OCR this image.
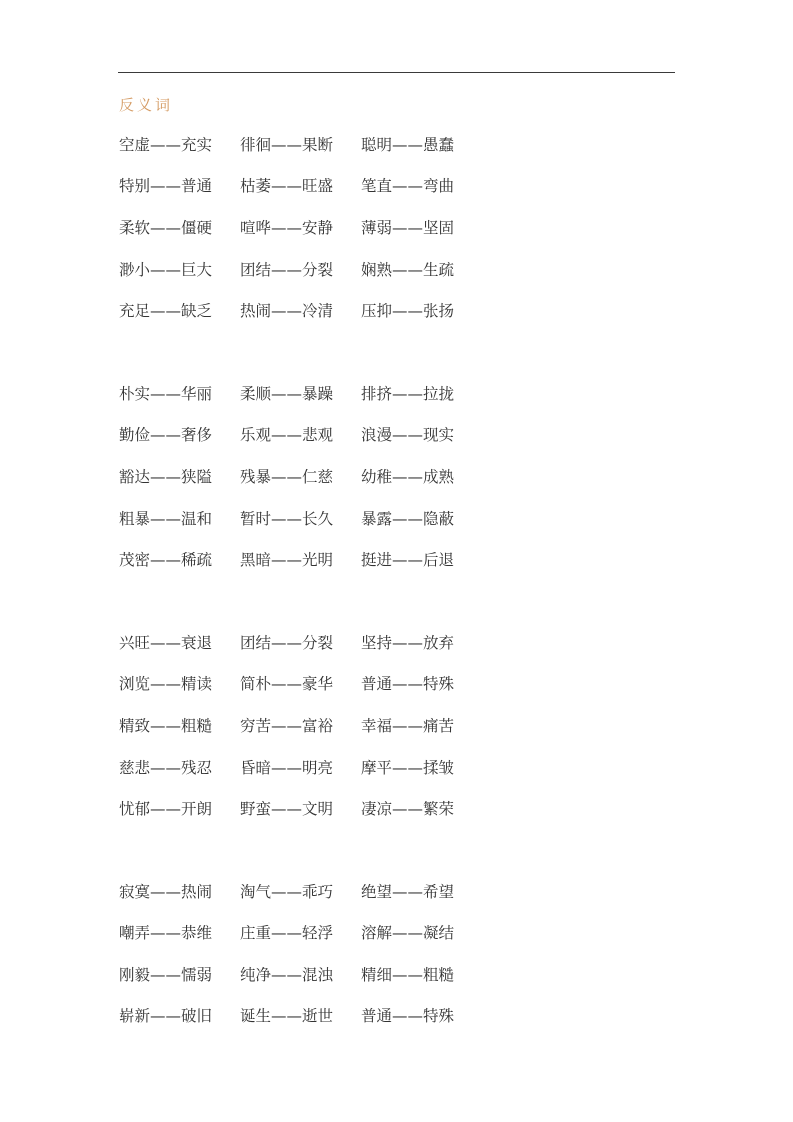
反义词
空虚——充实	徘徊——果断	聪明——愚蠢
特别——普通	枯萎——旺盛	笔直——弯曲
柔软——僵硬	喧哗——安静	薄弱——坚固
渺小——巨大	团结——分裂	娴熟——生疏
充足——缺乏	热闹——冷清	压抑——张扬
朴实——华丽	柔顺——暴躁	排挤——拉拢
勤俭——奢侈	乐观——悲观	浪漫——现实
豁达——狭隘	残暴——仁慈	幼稚——成熟
粗暴——温和	暂时——长久	暴露——隐蔽
茂密——稀疏	黑暗——光明	挺进——后退
兴旺——衰退	团结——分裂	坚持——放弃
浏览——精读	简朴——豪华	普通——特殊
精致——粗糙	穷苦——富裕	幸福——痛苦
慈悲——残忍	昏暗——明亮	摩平——揉皱
忧郁——开朗	野蛮——文明	凄凉——繁荣
寂寞——热闹	淘气——乖巧	绝望——希望
嘲弄——恭维	庄重——轻浮	溶解——凝结
刚毅——懦弱	纯净——混浊	精细——粗糙
崭新——破旧	诞生——逝世	普通——特殊
